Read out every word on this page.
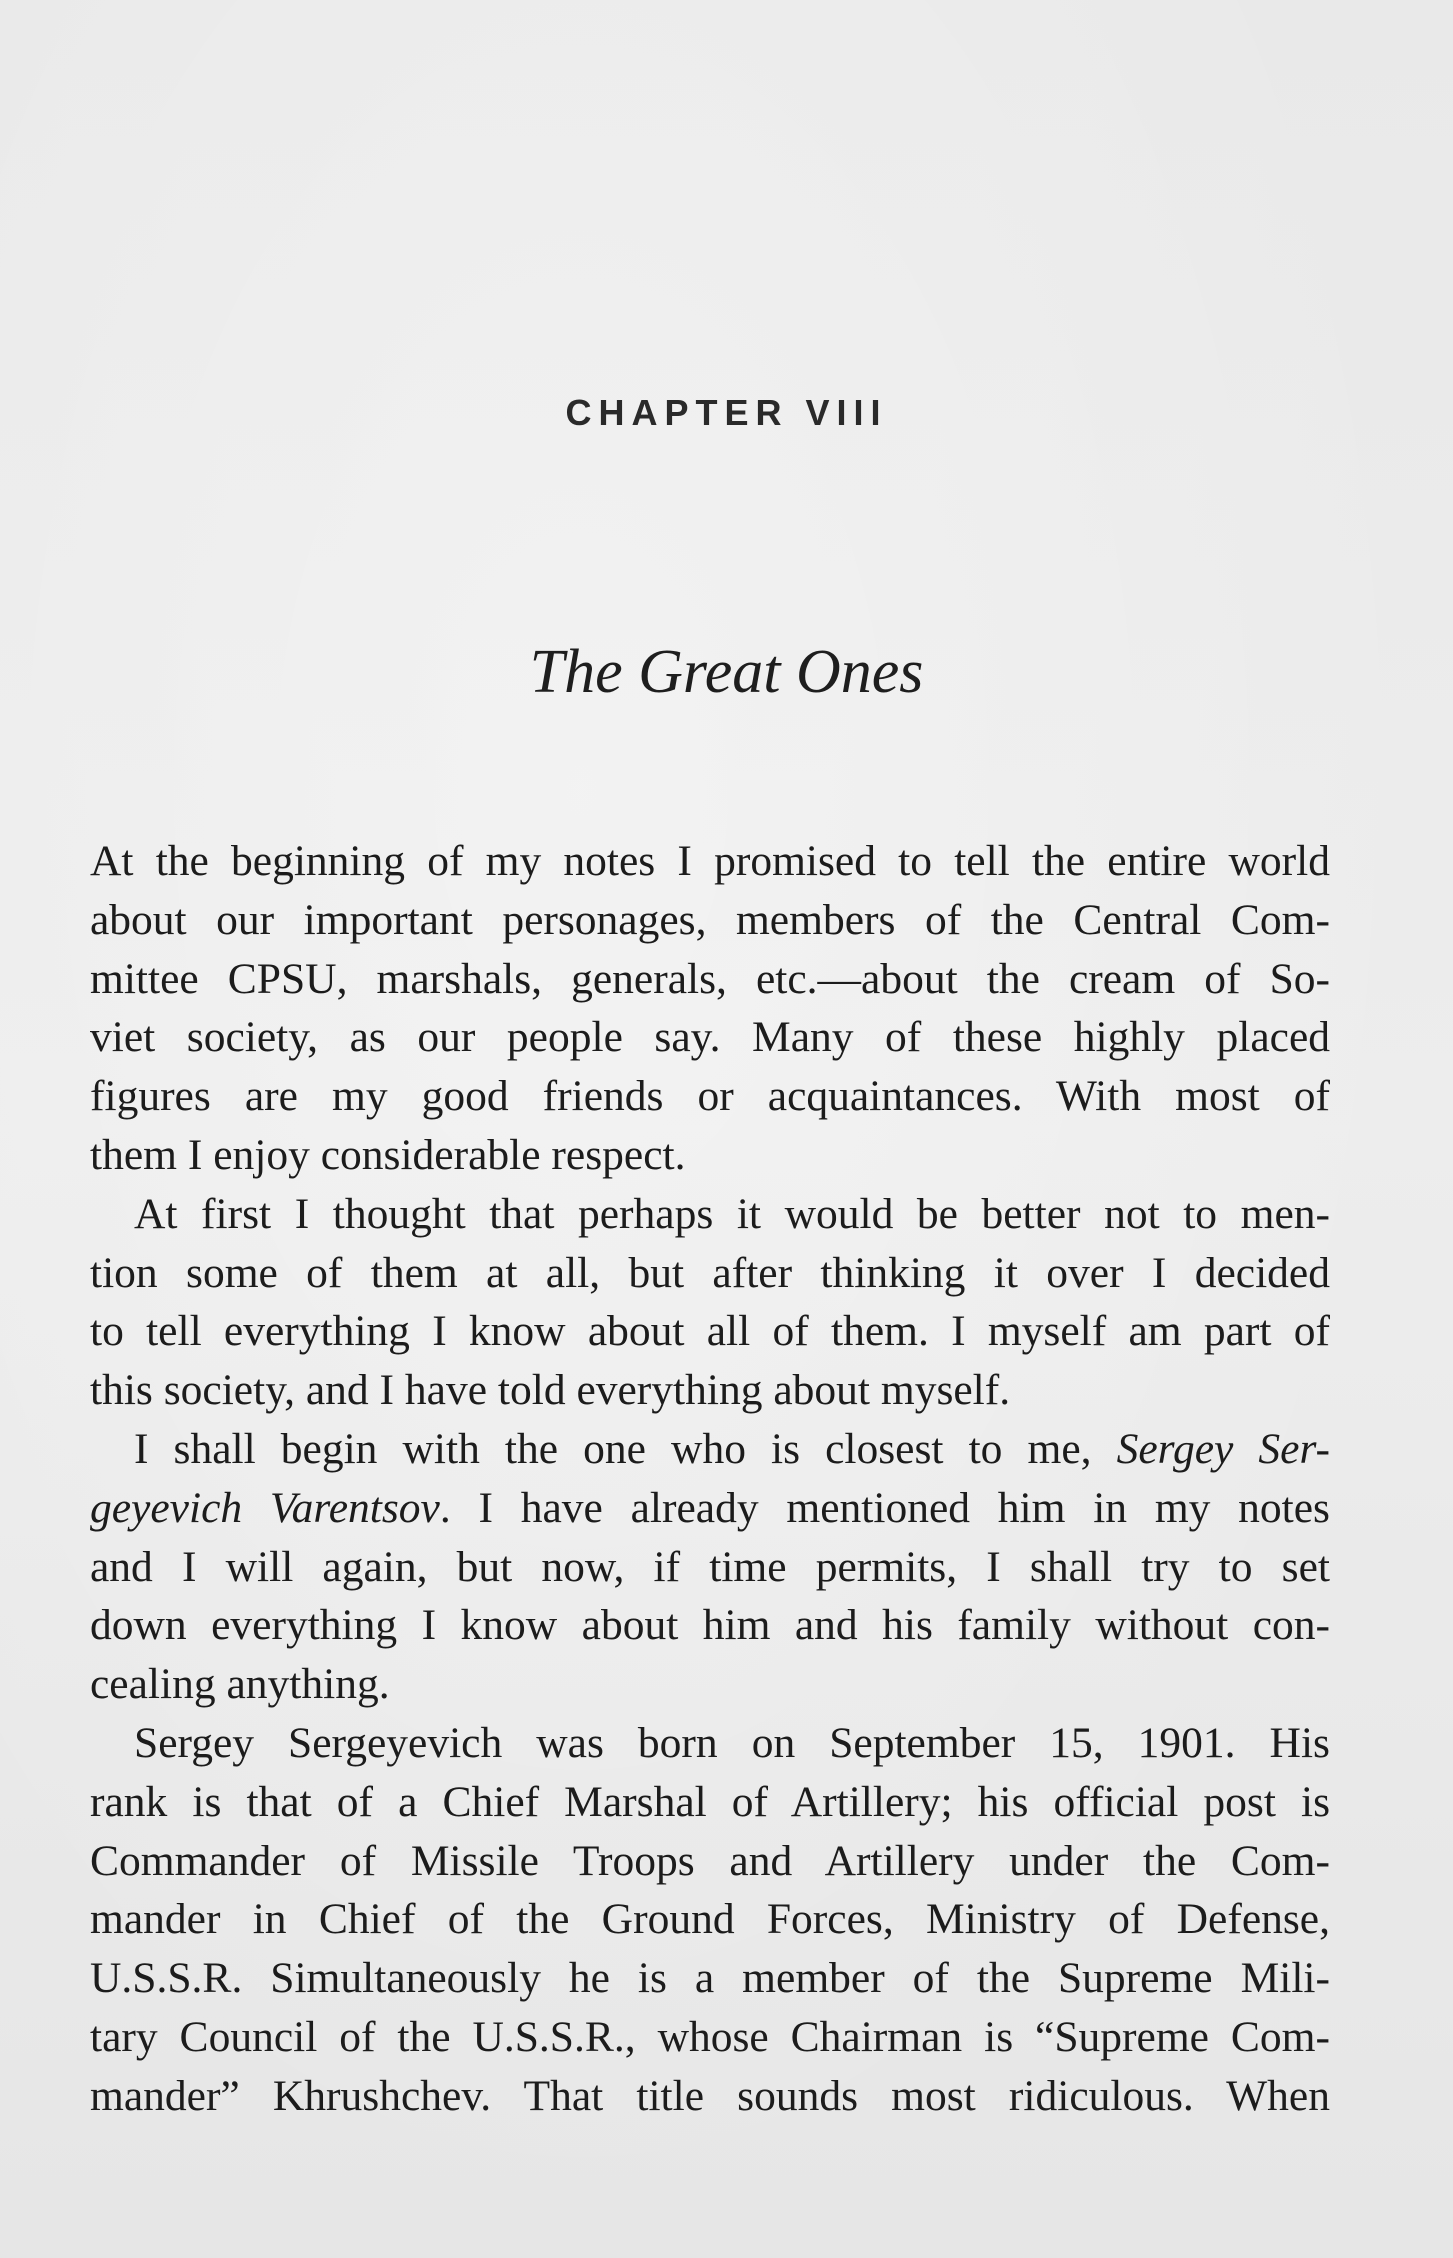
CHAPTER VIII
The Great Ones

At the beginning of my notes I promised to tell the entire world
about our important personages, members of the Central Com-
mittee CPSU, marshals, generals, etc.—about the cream of So-
viet society, as our people say. Many of these highly placed
figures are my good friends or acquaintances. With most of
them I enjoy considerable respect.

At first I thought that perhaps it would be better not to men-
tion some of them at all, but after thinking it over I decided
to tell everything I know about all of them. I myself am part of
this society, and I have told everything about myself.

I shall begin with the one who is closest to me, Sergey Ser-
geyevich Varentsov. I have already mentioned him in my notes
and I will again, but now, if time permits, I shall try to set
down everything I know about him and his family without con-
cealing anything.

Sergey Sergeyevich was born on September 15, 1901. His
rank is that of a Chief Marshal of Artillery; his official post is
Commander of Missile Troops and Artillery under the Com-
mander in Chief of the Ground Forces, Ministry of Defense,
U.S.S.R. Simultaneously he is a member of the Supreme Mili-
tary Council of the U.S.S.R., whose Chairman is “Supreme Com-
mander” Khrushchev. That title sounds most ridiculous. When
